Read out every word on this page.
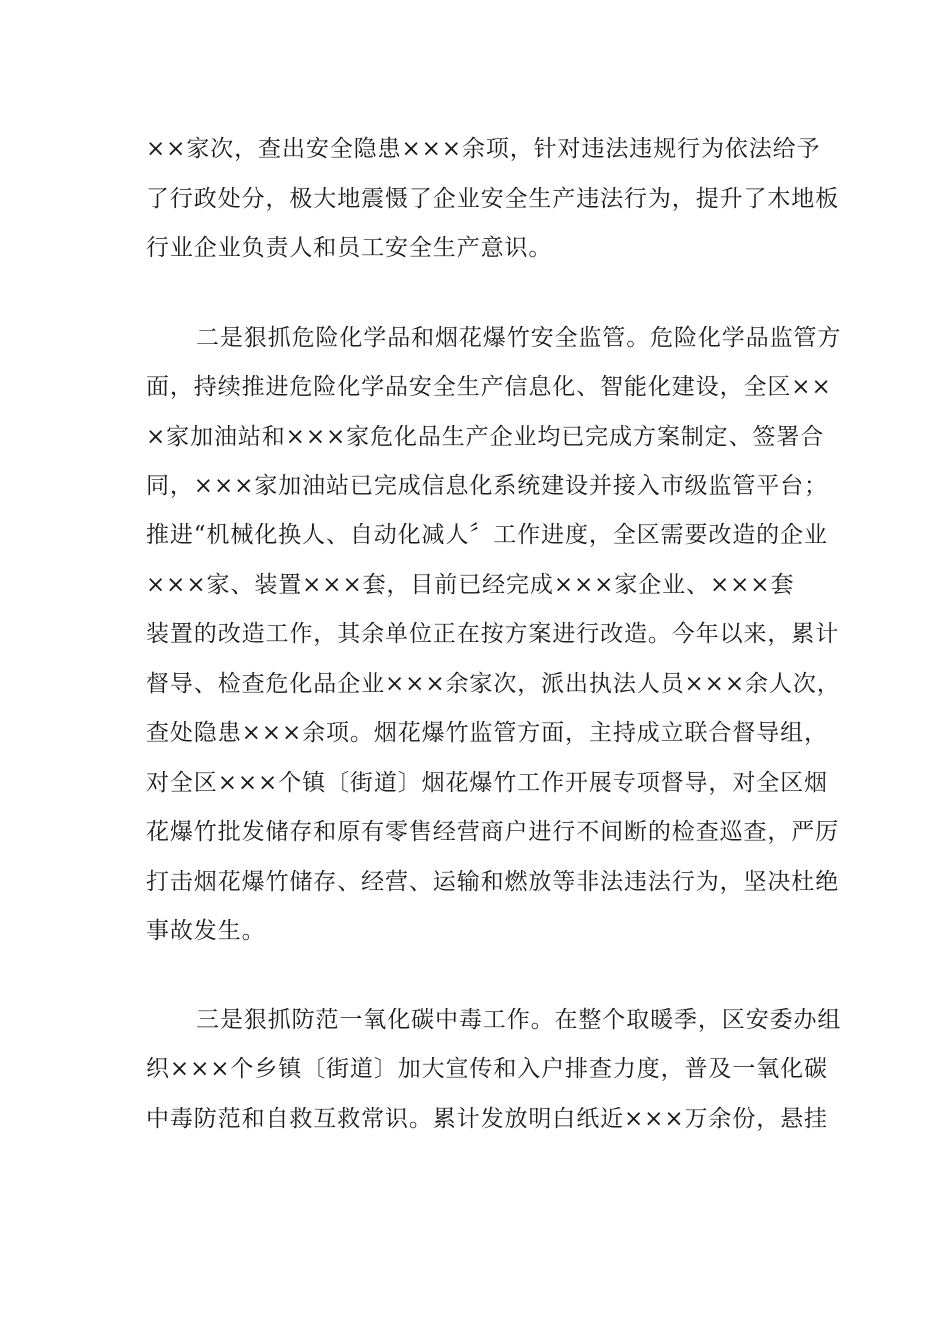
××家次，查出安全隐患×××余项，针对违法违规行为依法给予

了行政处分，极大地震慑了企业安全生产违法行为，提升了木地板

行业企业负责人和员工安全生产意识。

二是狠抓危险化学品和烟花爆竹安全监管。危险化学品监管方

面，持续推进危险化学品安全生产信息化、智能化建设，全区××

×家加油站和×××家危化品生产企业均已完成方案制定、签署合

同，×××家加油站已完成信息化系统建设并接入市级监管平台；

推进“机械化换人、自动化减人〞工作进度，全区需要改造的企业

×××家、装置×××套，目前已经完成×××家企业、×××套

装置的改造工作，其余单位正在按方案进行改造。今年以来，累计

督导、检查危化品企业×××余家次，派出执法人员×××余人次，

查处隐患×××余项。烟花爆竹监管方面，主持成立联合督导组，

对全区×××个镇〔街道〕烟花爆竹工作开展专项督导，对全区烟

花爆竹批发储存和原有零售经营商户进行不间断的检查巡查，严厉

打击烟花爆竹储存、经营、运输和燃放等非法违法行为，坚决杜绝

事故发生。

三是狠抓防范一氧化碳中毒工作。在整个取暖季，区安委办组

织×××个乡镇〔街道〕加大宣传和入户排查力度，普及一氧化碳

中毒防范和自救互救常识。累计发放明白纸近×××万余份，悬挂
